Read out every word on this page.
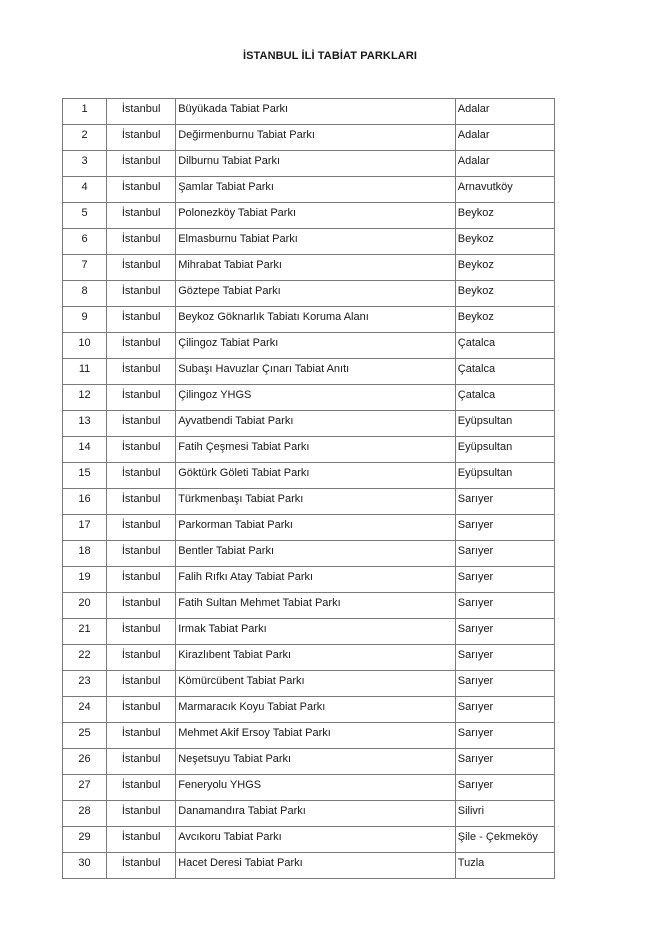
İSTANBUL İLİ TABİAT PARKLARI
1	İstanbul	Büyükada Tabiat Parkı	Adalar
2	İstanbul	Değirmenburnu Tabiat Parkı	Adalar
3	İstanbul	Dilburnu Tabiat Parkı	Adalar
4	İstanbul	Şamlar Tabiat Parkı	Arnavutköy
5	İstanbul	Polonezköy Tabiat Parkı	Beykoz
6	İstanbul	Elmasburnu Tabiat Parkı	Beykoz
7	İstanbul	Mihrabat Tabiat Parkı	Beykoz
8	İstanbul	Göztepe Tabiat Parkı	Beykoz
9	İstanbul	Beykoz Göknarlık Tabiatı Koruma Alanı	Beykoz
10	İstanbul	Çilingoz Tabiat Parkı	Çatalca
11	İstanbul	Subaşı Havuzlar Çınarı Tabiat Anıtı	Çatalca
12	İstanbul	Çilingoz YHGS	Çatalca
13	İstanbul	Ayvatbendi Tabiat Parkı	Eyüpsultan
14	İstanbul	Fatih Çeşmesi Tabiat Parkı	Eyüpsultan
15	İstanbul	Göktürk Göleti Tabiat Parkı	Eyüpsultan
16	İstanbul	Türkmenbaşı Tabiat Parkı	Sarıyer
17	İstanbul	Parkorman Tabiat Parkı	Sarıyer
18	İstanbul	Bentler Tabiat Parkı	Sarıyer
19	İstanbul	Falih Rıfkı Atay Tabiat Parkı	Sarıyer
20	İstanbul	Fatih Sultan Mehmet Tabiat Parkı	Sarıyer
21	İstanbul	Irmak Tabiat Parkı	Sarıyer
22	İstanbul	Kirazlıbent Tabiat Parkı	Sarıyer
23	İstanbul	Kömürcübent Tabiat Parkı	Sarıyer
24	İstanbul	Marmaracık Koyu Tabiat Parkı	Sarıyer
25	İstanbul	Mehmet Akif Ersoy Tabiat Parkı	Sarıyer
26	İstanbul	Neşetsuyu Tabiat Parkı	Sarıyer
27	İstanbul	Feneryolu YHGS	Sarıyer
28	İstanbul	Danamandıra Tabiat Parkı	Silivri
29	İstanbul	Avcıkoru Tabiat Parkı	Şile - Çekmeköy
30	İstanbul	Hacet Deresi Tabiat Parkı	Tuzla
